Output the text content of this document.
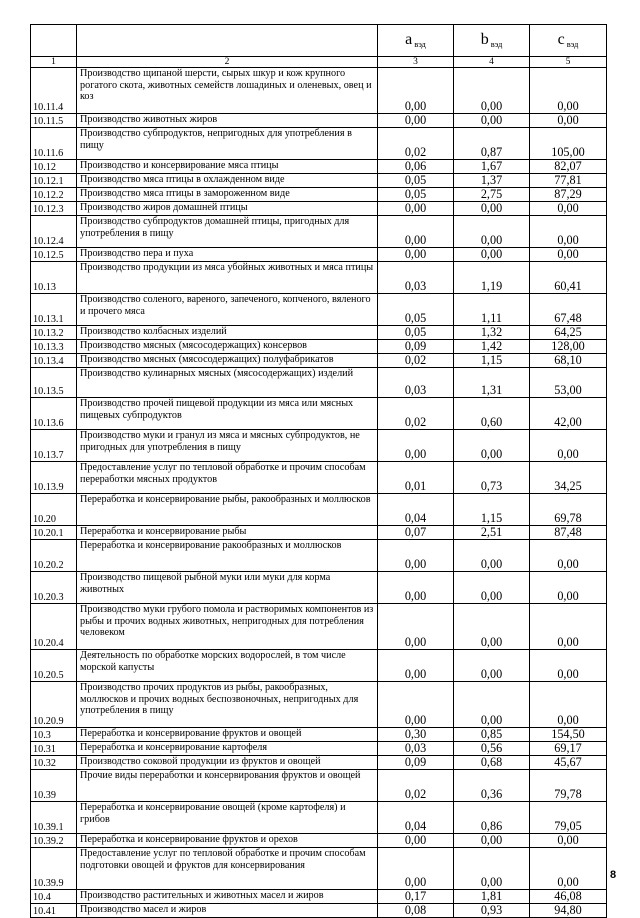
		a $_{вэд}$	b $_{вэд}$	c $_{вэд}$
1	2	3	4	5
10.11.4	Производство щипаной шерсти, сырых шкур и кож крупного рогатого скота, животных семейств лошадиных и оленевых, овец и коз	0,00	0,00	0,00
10.11.5	Производство животных жиров	0,00	0,00	0,00
10.11.6	Производство субпродуктов, непригодных для употребления в пищу	0,02	0,87	105,00
10.12	Производство и консервирование мяса птицы	0,06	1,67	82,07
10.12.1	Производство мяса птицы в охлажденном виде	0,05	1,37	77,81
10.12.2	Производство мяса птицы в замороженном виде	0,05	2,75	87,29
10.12.3	Производство жиров домашней птицы	0,00	0,00	0,00
10.12.4	Производство субпродуктов домашней птицы, пригодных для употребления в пищу	0,00	0,00	0,00
10.12.5	Производство пера и пуха	0,00	0,00	0,00
10.13	Производство продукции из мяса убойных животных и мяса птицы	0,03	1,19	60,41
10.13.1	Производство соленого, вареного, запеченого, копченого, вяленого и прочего мяса	0,05	1,11	67,48
10.13.2	Производство колбасных изделий	0,05	1,32	64,25
10.13.3	Производство мясных (мясосодержащих) консервов	0,09	1,42	128,00
10.13.4	Производство мясных (мясосодержащих) полуфабрикатов	0,02	1,15	68,10
10.13.5	Производство кулинарных мясных (мясосодержащих) изделий	0,03	1,31	53,00
10.13.6	Производство прочей пищевой продукции из мяса или мясных пищевых субпродуктов	0,02	0,60	42,00
10.13.7	Производство муки и гранул из мяса и мясных субпродуктов, не пригодных для употребления в пищу	0,00	0,00	0,00
10.13.9	Предоставление услуг по тепловой обработке и прочим способам переработки мясных продуктов	0,01	0,73	34,25
10.20	Переработка и консервирование рыбы, ракообразных и моллюсков	0,04	1,15	69,78
10.20.1	Переработка и консервирование рыбы	0,07	2,51	87,48
10.20.2	Переработка и консервирование ракообразных и моллюсков	0,00	0,00	0,00
10.20.3	Производство пищевой рыбной муки или муки для корма животных	0,00	0,00	0,00
10.20.4	Производство муки грубого помола и растворимых компонентов из рыбы и прочих водных животных, непригодных для потребления человеком	0,00	0,00	0,00
10.20.5	Деятельность по обработке морских водорослей, в том числе морской капусты	0,00	0,00	0,00
10.20.9	Производство прочих продуктов из рыбы, ракообразных, моллюсков и прочих водных беспозвоночных, непригодных для употребления в пищу	0,00	0,00	0,00
10.3	Переработка и консервирование фруктов и овощей	0,30	0,85	154,50
10.31	Переработка и консервирование картофеля	0,03	0,56	69,17
10.32	Производство соковой продукции из фруктов и овощей	0,09	0,68	45,67
10.39	Прочие виды переработки и консервирования фруктов и овощей	0,02	0,36	79,78
10.39.1	Переработка и консервирование овощей (кроме картофеля) и грибов	0,04	0,86	79,05
10.39.2	Переработка и консервирование фруктов и орехов	0,00	0,00	0,00
10.39.9	Предоставление услуг по тепловой обработке и прочим способам подготовки овощей и фруктов для консервирования	0,00	0,00	0,00
10.4	Производство растительных и животных масел и жиров	0,17	1,81	46,08
10.41	Производство масел и жиров	0,08	0,93	94,80
8
